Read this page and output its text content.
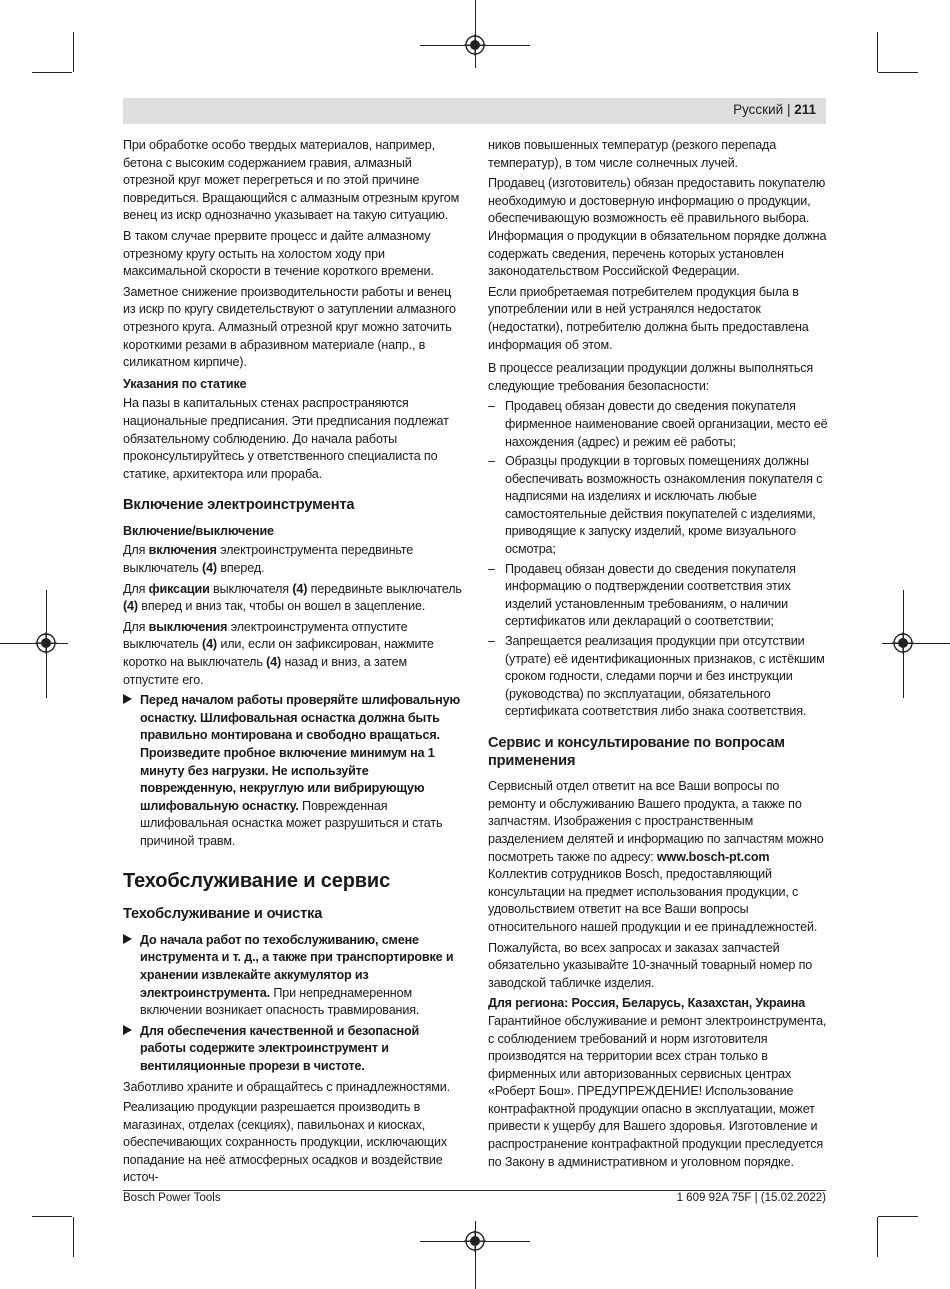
Русский | 211

При обработке особо твердых материалов, например, бетона с высоким содержанием гравия, алмазный отрезной круг может перегреться и по этой причине повредиться. Вращающийся с алмазным отрезным кругом венец из искр однозначно указывает на такую ситуацию.

В таком случае прервите процесс и дайте алмазному отрезному кругу остыть на холостом ходу при максимальной скорости в течение короткого времени.

Заметное снижение производительности работы и венец из искр по кругу свидетельствуют о затуплении алмазного отрезного круга. Алмазный отрезной круг можно заточить короткими резами в абразивном материале (напр., в силикатном кирпиче).

Указания по статике

На пазы в капитальных стенах распространяются национальные предписания. Эти предписания подлежат обязательному соблюдению. До начала работы проконсультируйтесь у ответственного специалиста по статике, архитектора или прораба.

Включение электроинструмента
Включение/выключение

Для включения электроинструмента передвиньте выключатель (4) вперед.

Для фиксации выключателя (4) передвиньте выключатель (4) вперед и вниз так, чтобы он вошел в зацепление.

Для выключения электроинструмента отпустите выключатель (4) или, если он зафиксирован, нажмите коротко на выключатель (4) назад и вниз, а затем отпустите его.

Перед началом работы проверяйте шлифовальную оснастку. Шлифовальная оснастка должна быть правильно монтирована и свободно вращаться. Произведите пробное включение минимум на 1 минуту без нагрузки. Не используйте поврежденную, некруглую или вибрирующую шлифовальную оснастку. Поврежденная шлифовальная оснастка может разрушиться и стать причиной травм.
Техобслуживание и сервис
Техобслуживание и очистка
До начала работ по техобслуживанию, смене инструмента и т. д., а также при транспортировке и хранении извлекайте аккумулятор из электроинструмента. При непреднамеренном включении возникает опасность травмирования.
Для обеспечения качественной и безопасной работы содержите электроинструмент и вентиляционные прорези в чистоте.

Заботливо храните и обращайтесь с принадлежностями.

Реализацию продукции разрешается производить в магазинах, отделах (секциях), павильонах и киосках, обеспечивающих сохранность продукции, исключающих попадание на неё атмосферных осадков и воздействие источ-

ников повышенных температур (резкого перепада температур), в том числе солнечных лучей.

Продавец (изготовитель) обязан предоставить покупателю необходимую и достоверную информацию о продукции, обеспечивающую возможность её правильного выбора. Информация о продукции в обязательном порядке должна содержать сведения, перечень которых установлен законодательством Российской Федерации.

Если приобретаемая потребителем продукция была в употреблении или в ней устранялся недостаток (недостатки), потребителю должна быть предоставлена информация об этом.

В процессе реализации продукции должны выполняться следующие требования безопасности:

– Продавец обязан довести до сведения покупателя фирменное наименование своей организации, место её нахождения (адрес) и режим её работы;
– Образцы продукции в торговых помещениях должны обеспечивать возможность ознакомления покупателя с надписями на изделиях и исключать любые самостоятельные действия покупателей с изделиями, приводящие к запуску изделий, кроме визуального осмотра;
– Продавец обязан довести до сведения покупателя информацию о подтверждении соответствия этих изделий установленным требованиям, о наличии сертификатов или деклараций о соответствии;
– Запрещается реализация продукции при отсутствии (утрате) её идентификационных признаков, с истёкшим сроком годности, следами порчи и без инструкции (руководства) по эксплуатации, обязательного сертификата соответствия либо знака соответствия.
Сервис и консультирование по вопросам применения

Сервисный отдел ответит на все Ваши вопросы по ремонту и обслуживанию Вашего продукта, а также по запчастям. Изображения с пространственным разделением делятей и информацию по запчастям можно посмотреть также по адресу: www.bosch-pt.com
Коллектив сотрудников Bosch, предоставляющий консультации на предмет использования продукции, с удовольствием ответит на все Ваши вопросы относительного нашей продукции и ее принадлежностей.

Пожалуйста, во всех запросах и заказах запчастей обязательно указывайте 10-значный товарный номер по заводской табличке изделия.

Для региона: Россия, Беларусь, Казахстан, Украина

Гарантийное обслуживание и ремонт электроинструмента, с соблюдением требований и норм изготовителя производятся на территории всех стран только в фирменных или авторизованных сервисных центрах «Роберт Бош». ПРЕДУПРЕЖДЕНИЕ! Использование контрафактной продукции опасно в эксплуатации, может привести к ущербу для Вашего здоровья. Изготовление и распространение контрафактной продукции преследуется по Закону в административном и уголовном порядке.

Bosch Power Tools	1 609 92A 75F | (15.02.2022)
